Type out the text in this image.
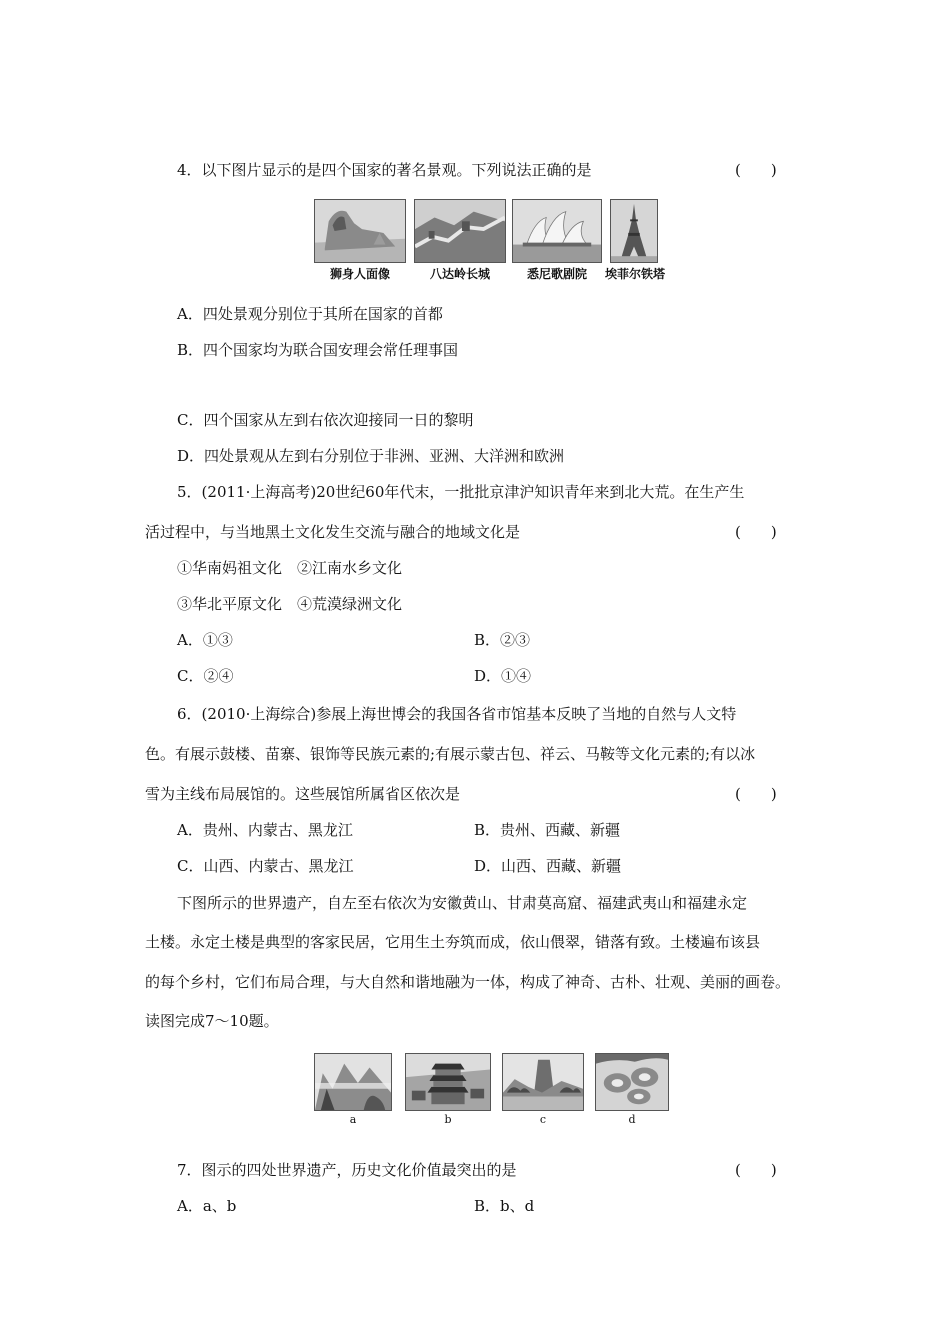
4．以下图片显示的是四个国家的著名景观。下列说法正确的是	(　　)
狮身人面像	八达岭长城	悉尼歌剧院	埃菲尔铁塔
A．四处景观分别位于其所在国家的首都
B．四个国家均为联合国安理会常任理事国
C．四个国家从左到右依次迎接同一日的黎明
D．四处景观从左到右分别位于非洲、亚洲、大洋洲和欧洲
5．(2011·上海高考)20世纪60年代末，一批批京津沪知识青年来到北大荒。在生产生
活过程中，与当地黑土文化发生交流与融合的地域文化是	(　　)
①华南妈祖文化　②江南水乡文化
③华北平原文化　④荒漠绿洲文化
A．①③	B．②③
C．②④	D．①④
6．(2010·上海综合)参展上海世博会的我国各省市馆基本反映了当地的自然与人文特
色。有展示鼓楼、苗寨、银饰等民族元素的;有展示蒙古包、祥云、马鞍等文化元素的;有以冰
雪为主线布局展馆的。这些展馆所属省区依次是	(　　)
A．贵州、内蒙古、黑龙江	B．贵州、西藏、新疆
C．山西、内蒙古、黑龙江	D．山西、西藏、新疆
下图所示的世界遗产，自左至右依次为安徽黄山、甘肃莫高窟、福建武夷山和福建永定
土楼。永定土楼是典型的客家民居，它用生土夯筑而成，依山偎翠，错落有致。土楼遍布该县
的每个乡村，它们布局合理，与大自然和谐地融为一体，构成了神奇、古朴、壮观、美丽的画卷。
读图完成7～10题。
a	b	c	d
7．图示的四处世界遗产，历史文化价值最突出的是	(　　)
A．a、b	B．b、d
